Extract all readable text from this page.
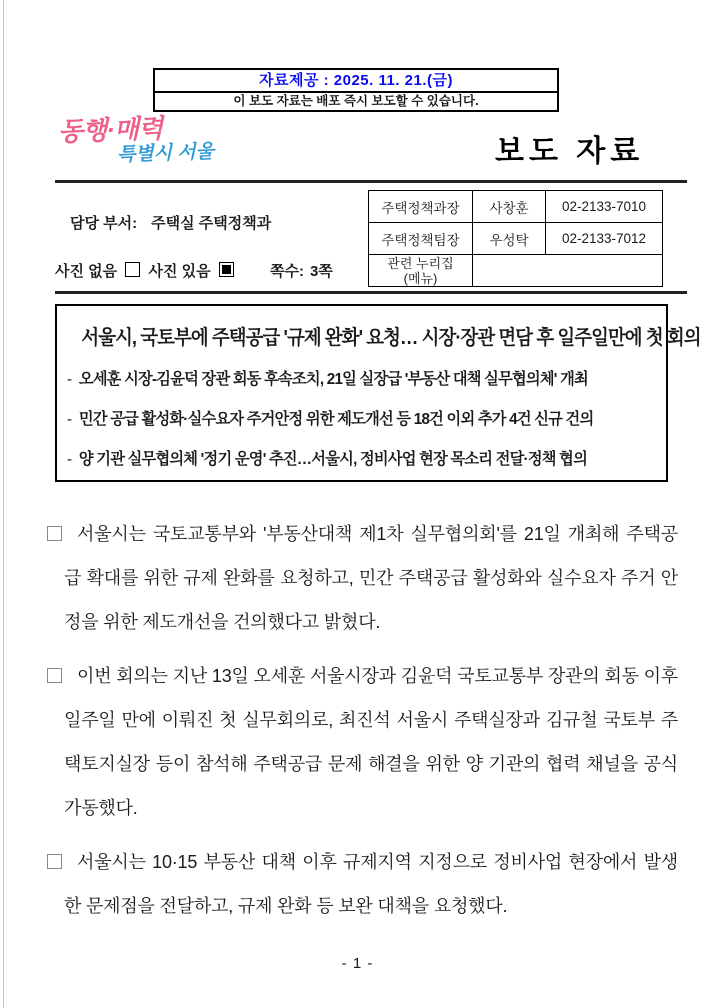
자료제공 : 2025. 11. 21.(금)
이 보도 자료는 배포 즉시 보도할 수 있습니다.
동행·매력
특별시 서울	보도 자료
담당 부서: 주택실 주택정책과
사진 없음 사진 있음	쪽수: 3쪽
주택정책과장	사창훈	02-2133-7010
주택정책팀장	우성탁	02-2133-7012

관련 누리집
(메뉴)		

서울시, 국토부에 주택공급 '규제 완화' 요청… 시장·장관 면담 후 일주일만에 첫 회의
- 오세훈 시장-김윤덕 장관 회동 후속조치, 21일 실장급 '부동산 대책 실무협의체' 개최
- 민간 공급 활성화·실수요자 주거안정 위한 제도개선 등 18건 이외 추가 4건 신규 건의
- 양 기관 실무협의체 '정기 운영' 추진…서울시, 정비사업 현장 목소리 전달·정책 협의

서울시는 국토교통부와 '부동산대책 제1차 실무협의회'를 21일 개최해 주택공급 확대를 위한 규제 완화를 요청하고, 민간 주택공급 활성화와 실수요자 주거 안정을 위한 제도개선을 건의했다고 밝혔다.

이번 회의는 지난 13일 오세훈 서울시장과 김윤덕 국토교통부 장관의 회동 이후 일주일 만에 이뤄진 첫 실무회의로, 최진석 서울시 주택실장과 김규철 국토부 주택토지실장 등이 참석해 주택공급 문제 해결을 위한 양 기관의 협력 채널을 공식 가동했다.

서울시는 10·15 부동산 대책 이후 규제지역 지정으로 정비사업 현장에서 발생한 문제점을 전달하고, 규제 완화 등 보완 대책을 요청했다.

- 1 -
